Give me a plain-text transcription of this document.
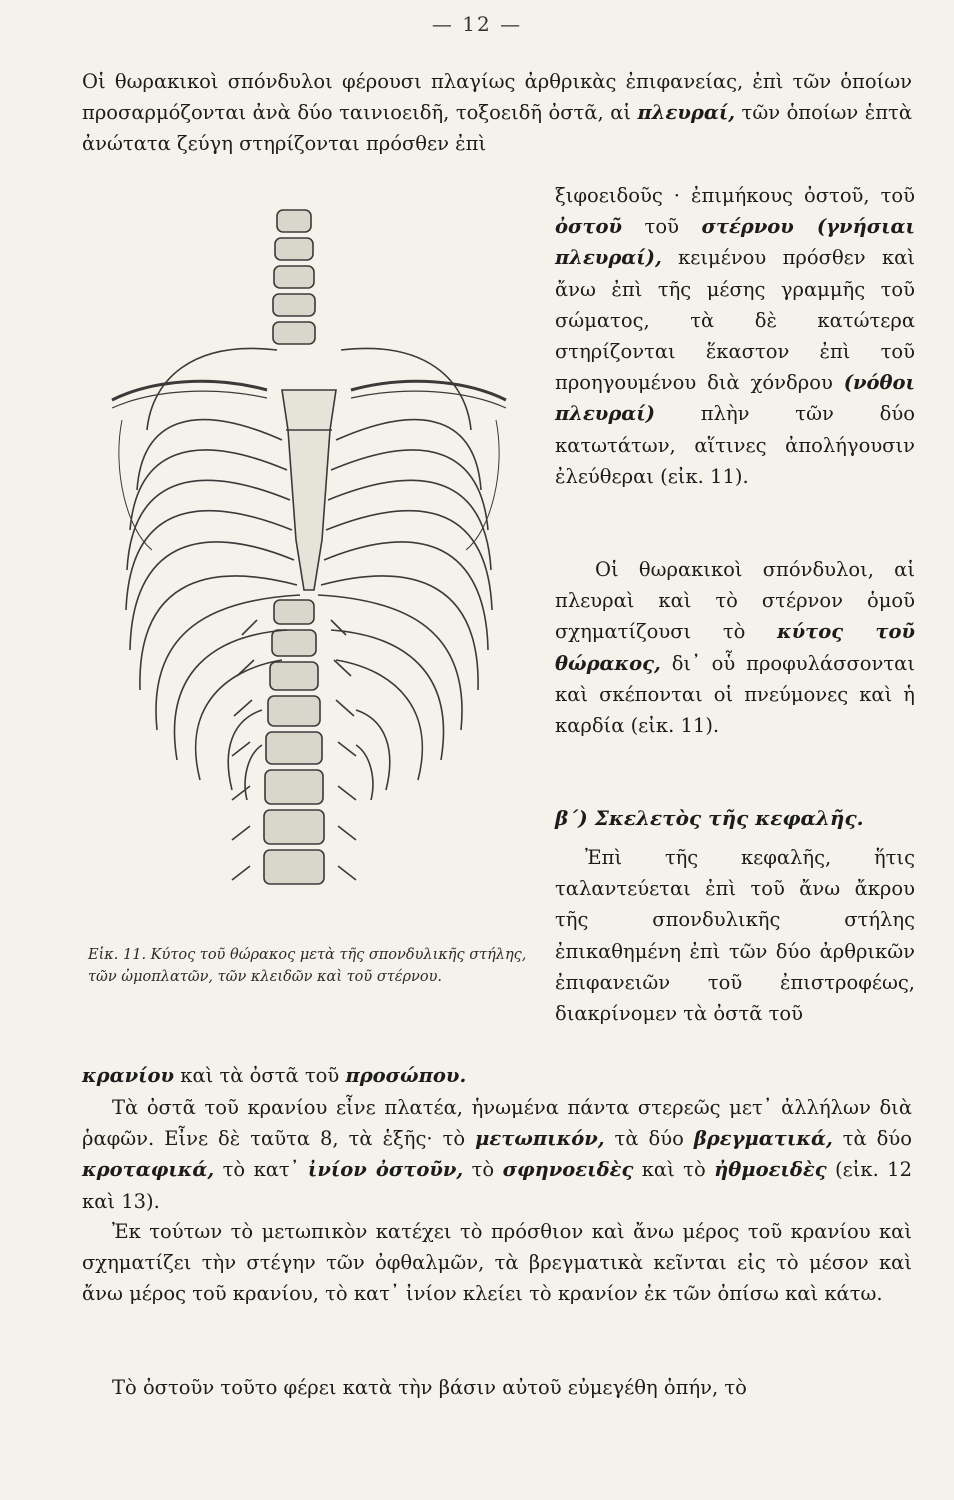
— 12 —

Οἱ θωρακικοὶ σπόνδυλοι φέρουσι πλαγίως ἀρθρικὰς ἐπιφανείας, ἐπὶ τῶν ὁποίων προσαρμόζονται ἀνὰ δύο ταινιοειδῆ, τοξοειδῆ ὀστᾶ, αἱ πλευραί, τῶν ὁποίων ἑπτὰ ἀνώτατα ζεύγη στηρίζονται πρόσθεν ἐπὶ

Εἰκ. 11. Κύτος τοῦ θώρακος μετὰ τῆς σπονδυλικῆς στήλης, τῶν ὠμοπλατῶν, τῶν κλειδῶν καὶ τοῦ στέρνου.

ξιφοειδοῦς · ἐπιμήκους ὀστοῦ, τοῦ ὀστοῦ τοῦ στέρνου (γνήσιαι πλευραί), κειμένου πρόσθεν καὶ ἄνω ἐπὶ τῆς μέσης γραμμῆς τοῦ σώματος, τὰ δὲ κατώτερα στηρίζονται ἕκαστον ἐπὶ τοῦ προηγουμένου διὰ χόνδρου (νόθοι πλευραί) πλὴν τῶν δύο κατωτάτων, αἵτινες ἀπολήγουσιν ἐλεύθεραι (εἰκ. 11).

Οἱ θωρακικοὶ σπόνδυλοι, αἱ πλευραὶ καὶ τὸ στέρνον ὁμοῦ σχηματίζουσι τὸ κύτος τοῦ θώρακος, δι᾽ οὗ προφυλάσσονται καὶ σκέπονται οἱ πνεύμονες καὶ ἡ καρδία (εἰκ. 11).

β΄) Σκελετὸς τῆς κεφαλῆς.

Ἐπὶ τῆς κεφαλῆς, ἥτις ταλαντεύεται ἐπὶ τοῦ ἄνω ἄκρου τῆς σπονδυλικῆς στήλης ἐπικαθημένη ἐπὶ τῶν δύο ἀρθρικῶν ἐπιφανειῶν τοῦ ἐπιστροφέως, διακρίνομεν τὰ ὀστᾶ τοῦ

κρανίου καὶ τὰ ὀστᾶ τοῦ προσώπου.

Τὰ ὀστᾶ τοῦ κρανίου εἶνε πλατέα, ἡνωμένα πάντα στερεῶς μετ᾽ ἀλλήλων διὰ ῥαφῶν. Εἶνε δὲ ταῦτα 8, τὰ ἑξῆς· τὸ μετωπικόν, τὰ δύο βρεγματικά, τὰ δύο κροταφικά, τὸ κατ᾽ ἰνίον ὀστοῦν, τὸ σφηνοειδὲς καὶ τὸ ἠθμοειδὲς (εἰκ. 12 καὶ 13).

Ἐκ τούτων τὸ μετωπικὸν κατέχει τὸ πρόσθιον καὶ ἄνω μέρος τοῦ κρανίου καὶ σχηματίζει τὴν στέγην τῶν ὀφθαλμῶν, τὰ βρεγματικὰ κεῖνται εἰς τὸ μέσον καὶ ἄνω μέρος τοῦ κρανίου, τὸ κατ᾽ ἰνίον κλείει τὸ κρανίον ἐκ τῶν ὀπίσω καὶ κάτω.

Τὸ ὀστοῦν τοῦτο φέρει κατὰ τὴν βάσιν αὐτοῦ εὐμεγέθη ὀπήν, τὸ
